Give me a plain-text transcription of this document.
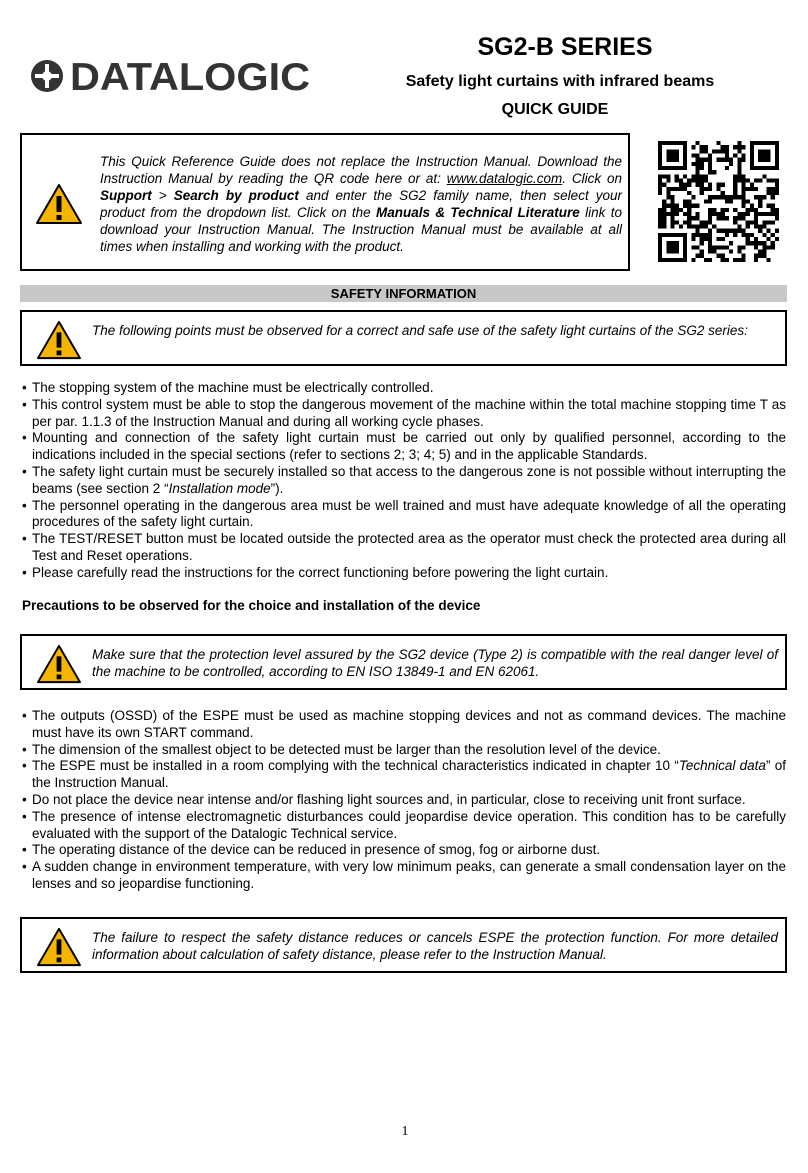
DATALOGIC
SG2-B SERIES
Safety light curtains with infrared beams
QUICK GUIDE
This Quick Reference Guide does not replace the Instruction Manual. Download the Instruction Manual by reading the QR code here or at: www.datalogic.com. Click on Support > Search by product and enter the SG2 family name, then select your product from the dropdown list. Click on the Manuals & Technical Literature link to download your Instruction Manual. The Instruction Manual must be available at all times when installing and working with the product.
SAFETY INFORMATION
The following points must be observed for a correct and safe use of the safety light curtains of the SG2 series:
• The stopping system of the machine must be electrically controlled.
• This control system must be able to stop the dangerous movement of the machine within the total machine stopping time T as per par. 1.1.3 of the Instruction Manual and during all working cycle phases.
• Mounting and connection of the safety light curtain must be carried out only by qualified personnel, according to the indications included in the special sections (refer to sections 2; 3; 4; 5) and in the applicable Standards.
• The safety light curtain must be securely installed so that access to the dangerous zone is not possible without interrupting the beams (see section 2 “Installation mode”).
• The personnel operating in the dangerous area must be well trained and must have adequate knowledge of all the operating procedures of the safety light curtain.
• The TEST/RESET button must be located outside the protected area as the operator must check the protected area during all Test and Reset operations.
• Please carefully read the instructions for the correct functioning before powering the light curtain.
Precautions to be observed for the choice and installation of the device
Make sure that the protection level assured by the SG2 device (Type 2) is compatible with the real danger level of the machine to be controlled, according to EN ISO 13849-1 and EN 62061.
• The outputs (OSSD) of the ESPE must be used as machine stopping devices and not as command devices. The machine must have its own START command.
• The dimension of the smallest object to be detected must be larger than the resolution level of the device.
• The ESPE must be installed in a room complying with the technical characteristics indicated in chapter 10 “Technical data” of the Instruction Manual.
• Do not place the device near intense and/or flashing light sources and, in particular, close to receiving unit front surface.
• The presence of intense electromagnetic disturbances could jeopardise device operation. This condition has to be carefully evaluated with the support of the Datalogic Technical service.
• The operating distance of the device can be reduced in presence of smog, fog or airborne dust.
• A sudden change in environment temperature, with very low minimum peaks, can generate a small condensation layer on the lenses and so jeopardise functioning.
The failure to respect the safety distance reduces or cancels ESPE the protection function. For more detailed information about calculation of safety distance, please refer to the Instruction Manual.
1
